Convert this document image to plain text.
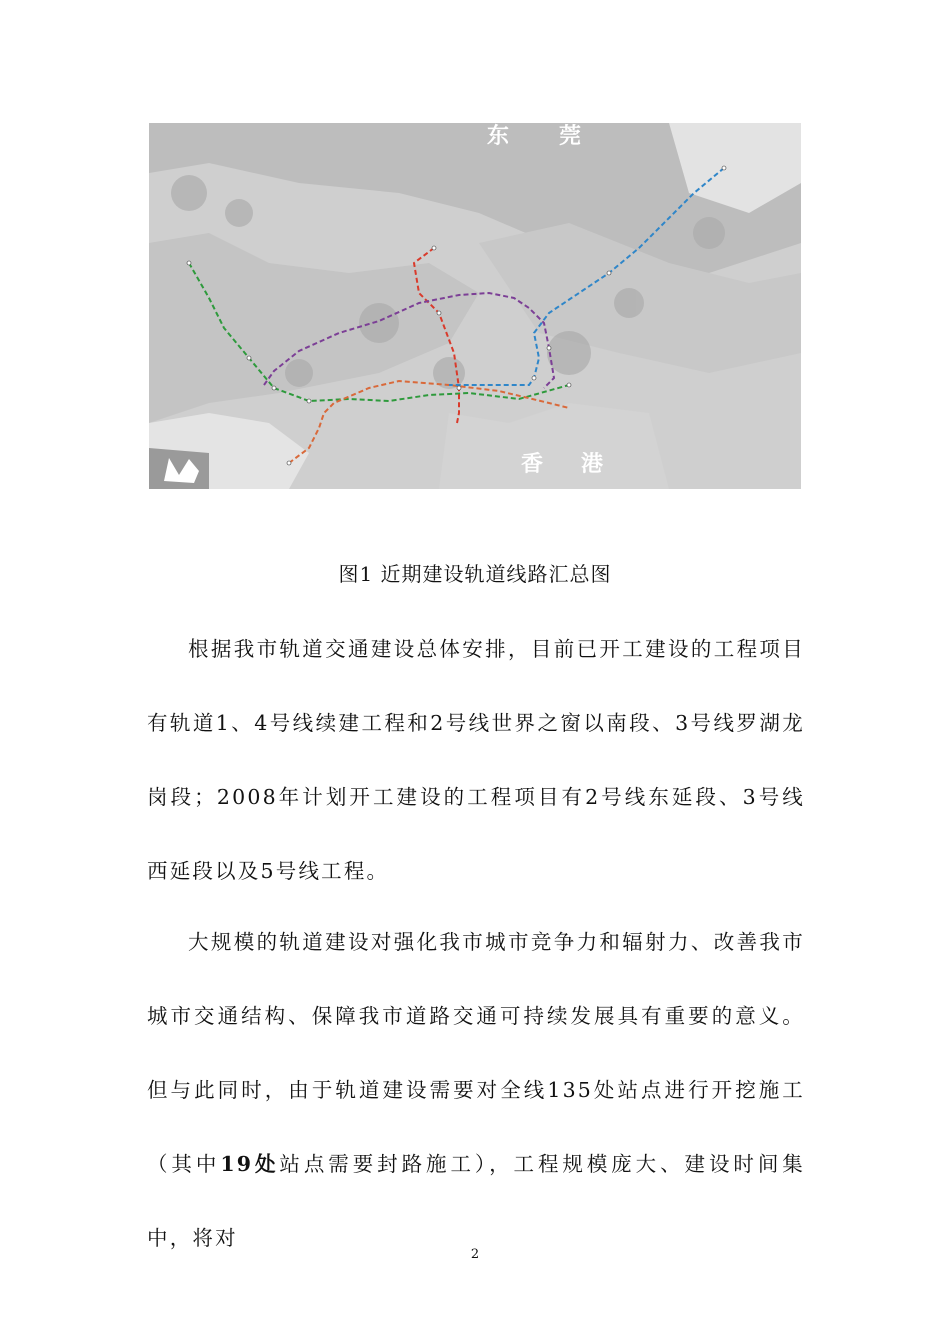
东 莞
香 港
图1 近期建设轨道线路汇总图

根据我市轨道交通建设总体安排，目前已开工建设的工程项目有轨道1、4号线续建工程和2号线世界之窗以南段、3号线罗湖龙岗段；2008年计划开工建设的工程项目有2号线东延段、3号线西延段以及5号线工程。

大规模的轨道建设对强化我市城市竞争力和辐射力、改善我市城市交通结构、保障我市道路交通可持续发展具有重要的意义。但与此同时，由于轨道建设需要对全线135处站点进行开挖施工（其中19处站点需要封路施工），工程规模庞大、建设时间集中，将对

2
